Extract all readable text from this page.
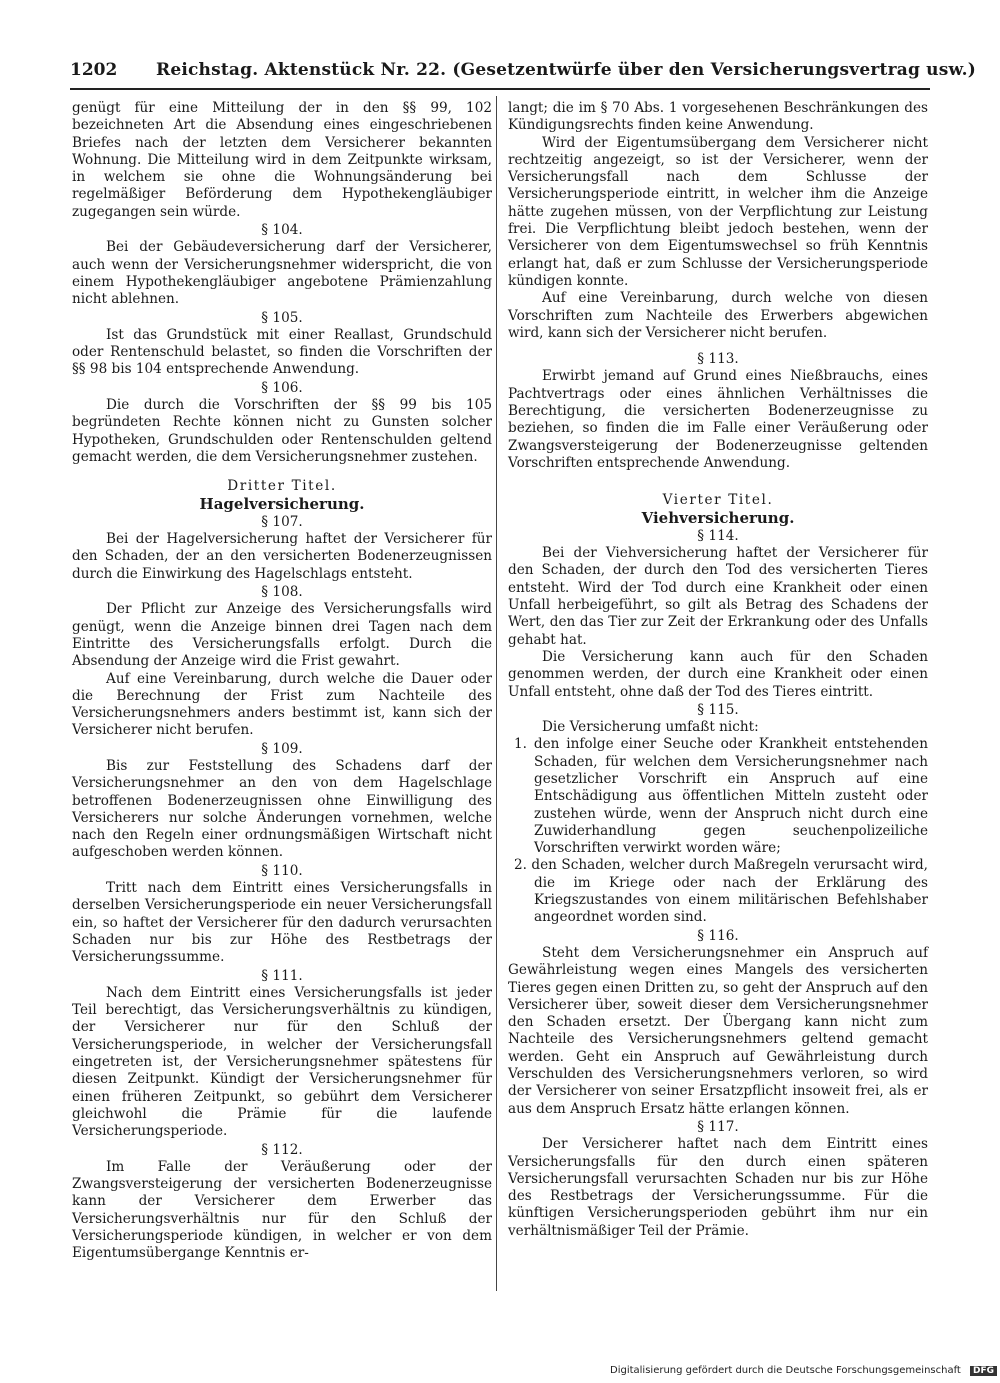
1202 Reichstag. Aktenstück Nr. 22. (Gesetzentwürfe über den Versicherungsvertrag usw.)

genügt für eine Mitteilung der in den §§ 99, 102 bezeichneten Art die Absendung eines eingeschriebenen Briefes nach der letzten dem Versicherer bekannten Wohnung. Die Mitteilung wird in dem Zeitpunkte wirksam, in welchem sie ohne die Wohnungsänderung bei regelmäßiger Beförderung dem Hypothekengläubiger zugegangen sein würde.

§ 104.

Bei der Gebäudeversicherung darf der Versicherer, auch wenn der Versicherungsnehmer widerspricht, die von einem Hypothekengläubiger angebotene Prämienzahlung nicht ablehnen.

§ 105.

Ist das Grundstück mit einer Reallast, Grundschuld oder Rentenschuld belastet, so finden die Vorschriften der §§ 98 bis 104 entsprechende Anwendung.

§ 106.

Die durch die Vorschriften der §§ 99 bis 105 begründeten Rechte können nicht zu Gunsten solcher Hypotheken, Grundschulden oder Rentenschulden geltend gemacht werden, die dem Versicherungsnehmer zustehen.

Dritter Titel.

Hagelversicherung.

§ 107.

Bei der Hagelversicherung haftet der Versicherer für den Schaden, der an den versicherten Bodenerzeugnissen durch die Einwirkung des Hagelschlags entsteht.

§ 108.

Der Pflicht zur Anzeige des Versicherungsfalls wird genügt, wenn die Anzeige binnen drei Tagen nach dem Eintritte des Versicherungsfalls erfolgt. Durch die Absendung der Anzeige wird die Frist gewahrt.

Auf eine Vereinbarung, durch welche die Dauer oder die Berechnung der Frist zum Nachteile des Versicherungsnehmers anders bestimmt ist, kann sich der Versicherer nicht berufen.

§ 109.

Bis zur Feststellung des Schadens darf der Versicherungsnehmer an den von dem Hagelschlage betroffenen Bodenerzeugnissen ohne Einwilligung des Versicherers nur solche Änderungen vornehmen, welche nach den Regeln einer ordnungsmäßigen Wirtschaft nicht aufgeschoben werden können.

§ 110.

Tritt nach dem Eintritt eines Versicherungsfalls in derselben Versicherungsperiode ein neuer Versicherungsfall ein, so haftet der Versicherer für den dadurch verursachten Schaden nur bis zur Höhe des Restbetrags der Versicherungssumme.

§ 111.

Nach dem Eintritt eines Versicherungsfalls ist jeder Teil berechtigt, das Versicherungsverhältnis zu kündigen, der Versicherer nur für den Schluß der Versicherungsperiode, in welcher der Versicherungsfall eingetreten ist, der Versicherungsnehmer spätestens für diesen Zeitpunkt. Kündigt der Versicherungsnehmer für einen früheren Zeitpunkt, so gebührt dem Versicherer gleichwohl die Prämie für die laufende Versicherungsperiode.

§ 112.

Im Falle der Veräußerung oder der Zwangsversteigerung der versicherten Bodenerzeugnisse kann der Versicherer dem Erwerber das Versicherungsverhältnis nur für den Schluß der Versicherungsperiode kündigen, in welcher er von dem Eigentumsübergange Kenntnis er-

langt; die im § 70 Abs. 1 vorgesehenen Beschränkungen des Kündigungsrechts finden keine Anwendung.

Wird der Eigentumsübergang dem Versicherer nicht rechtzeitig angezeigt, so ist der Versicherer, wenn der Versicherungsfall nach dem Schlusse der Versicherungsperiode eintritt, in welcher ihm die Anzeige hätte zugehen müssen, von der Verpflichtung zur Leistung frei. Die Verpflichtung bleibt jedoch bestehen, wenn der Versicherer von dem Eigentumswechsel so früh Kenntnis erlangt hat, daß er zum Schlusse der Versicherungsperiode kündigen konnte.

Auf eine Vereinbarung, durch welche von diesen Vorschriften zum Nachteile des Erwerbers abgewichen wird, kann sich der Versicherer nicht berufen.

§ 113.

Erwirbt jemand auf Grund eines Nießbrauchs, eines Pachtvertrags oder eines ähnlichen Verhältnisses die Berechtigung, die versicherten Bodenerzeugnisse zu beziehen, so finden die im Falle einer Veräußerung oder Zwangsversteigerung der Bodenerzeugnisse geltenden Vorschriften entsprechende Anwendung.

Vierter Titel.

Viehversicherung.

§ 114.

Bei der Viehversicherung haftet der Versicherer für den Schaden, der durch den Tod des versicherten Tieres entsteht. Wird der Tod durch eine Krankheit oder einen Unfall herbeigeführt, so gilt als Betrag des Schadens der Wert, den das Tier zur Zeit der Erkrankung oder des Unfalls gehabt hat.

Die Versicherung kann auch für den Schaden genommen werden, der durch eine Krankheit oder einen Unfall entsteht, ohne daß der Tod des Tieres eintritt.

§ 115.

Die Versicherung umfaßt nicht:

1. den infolge einer Seuche oder Krankheit entstehenden Schaden, für welchen dem Versicherungsnehmer nach gesetzlicher Vorschrift ein Anspruch auf eine Entschädigung aus öffentlichen Mitteln zusteht oder zustehen würde, wenn der Anspruch nicht durch eine Zuwiderhandlung gegen seuchenpolizeiliche Vorschriften verwirkt worden wäre;

2. den Schaden, welcher durch Maßregeln verursacht wird, die im Kriege oder nach der Erklärung des Kriegszustandes von einem militärischen Befehlshaber angeordnet worden sind.

§ 116.

Steht dem Versicherungsnehmer ein Anspruch auf Gewährleistung wegen eines Mangels des versicherten Tieres gegen einen Dritten zu, so geht der Anspruch auf den Versicherer über, soweit dieser dem Versicherungsnehmer den Schaden ersetzt. Der Übergang kann nicht zum Nachteile des Versicherungsnehmers geltend gemacht werden. Geht ein Anspruch auf Gewährleistung durch Verschulden des Versicherungsnehmers verloren, so wird der Versicherer von seiner Ersatzpflicht insoweit frei, als er aus dem Anspruch Ersatz hätte erlangen können.

§ 117.

Der Versicherer haftet nach dem Eintritt eines Versicherungsfalls für den durch einen späteren Versicherungsfall verursachten Schaden nur bis zur Höhe des Restbetrags der Versicherungssumme. Für die künftigen Versicherungsperioden gebührt ihm nur ein verhältnismäßiger Teil der Prämie.

Digitalisierung gefördert durch die Deutsche Forschungsgemeinschaft DFG
